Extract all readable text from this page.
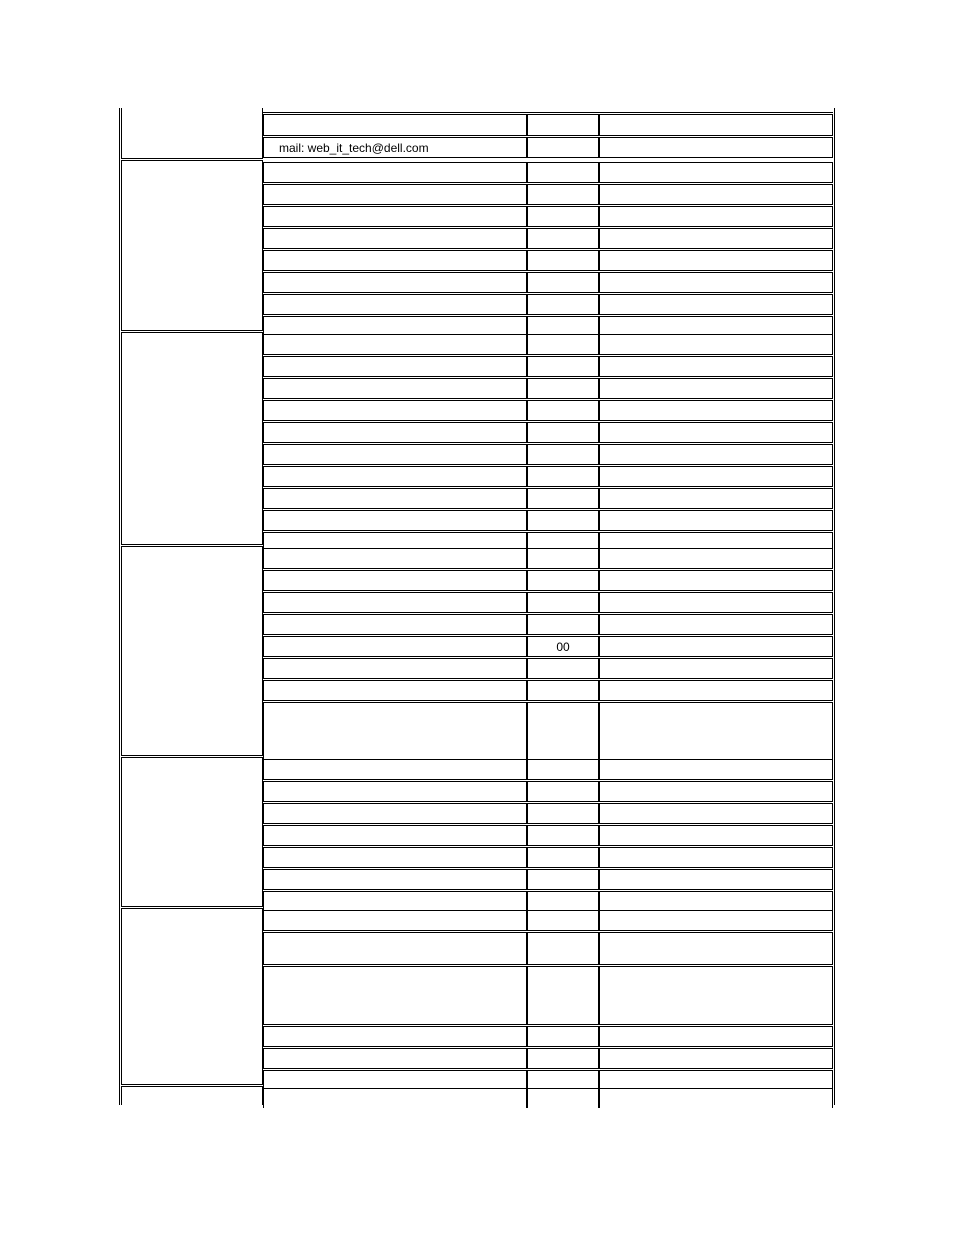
mail: web_it_tech@dell.com
00
